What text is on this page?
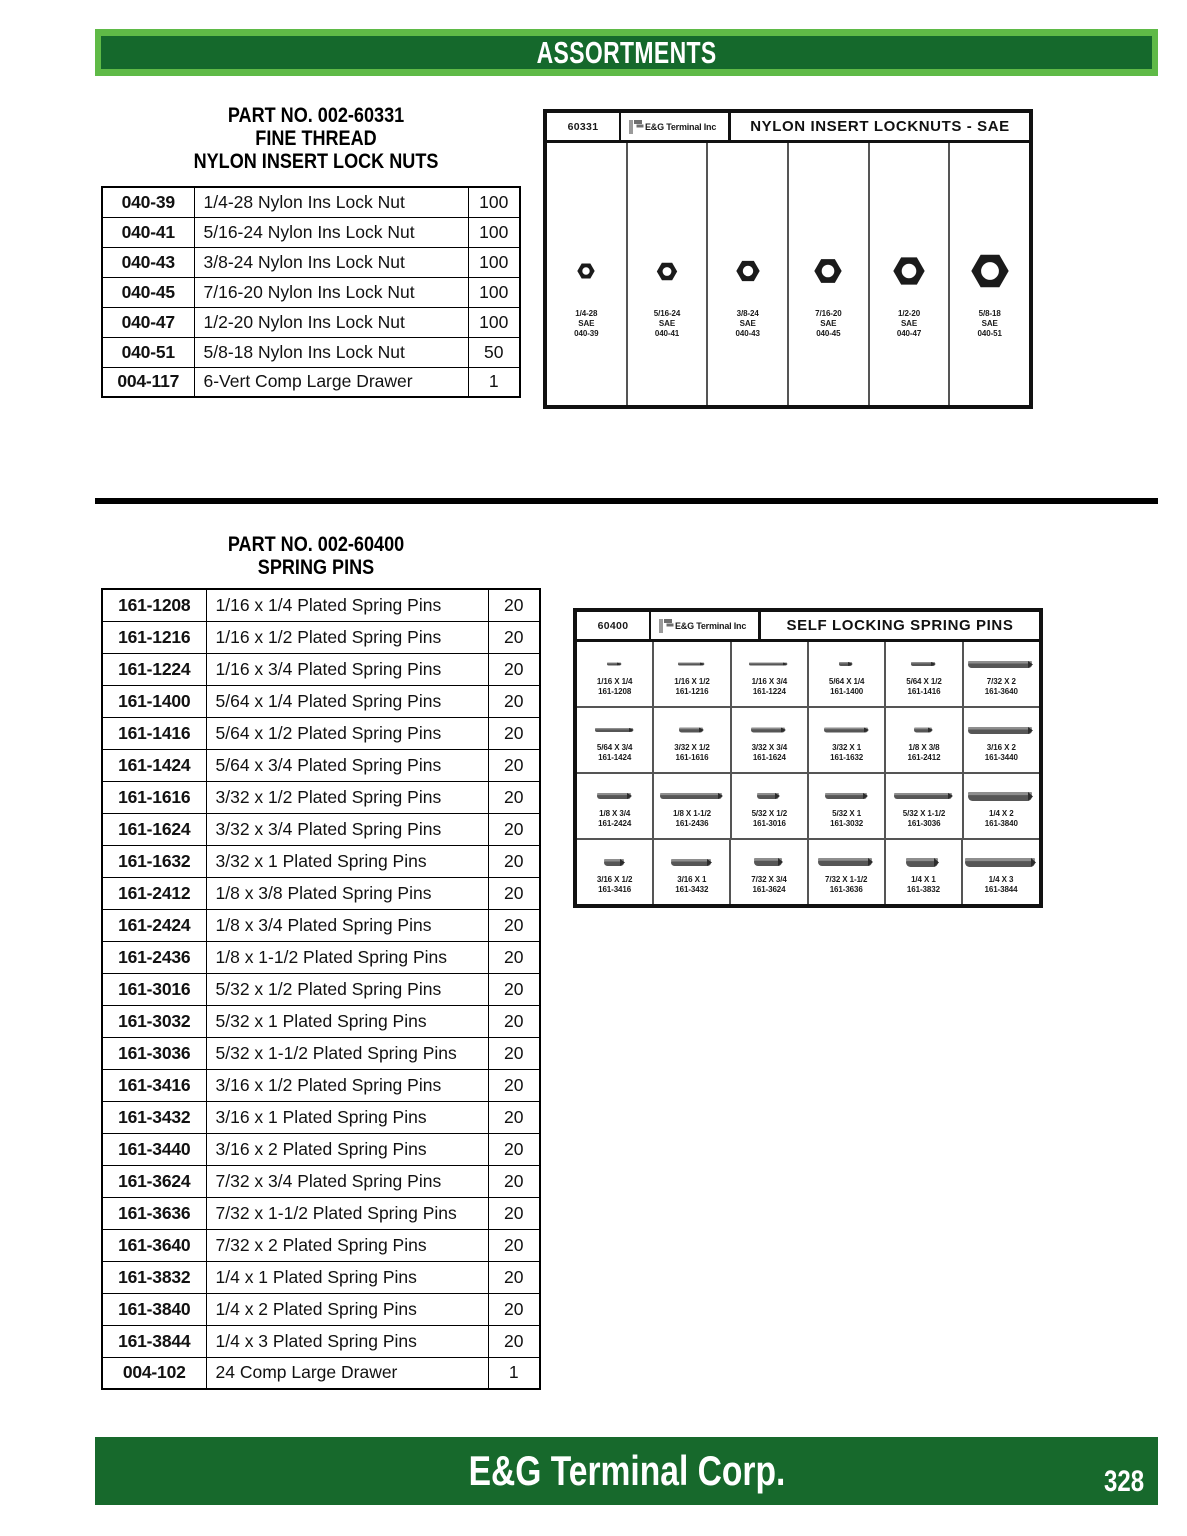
ASSORTMENTS
PART NO. 002-60331
FINE THREAD
NYLON INSERT LOCK NUTS
040-39	1/4-28 Nylon Ins Lock Nut	100
040-41	5/16-24 Nylon Ins Lock Nut	100
040-43	3/8-24 Nylon Ins Lock Nut	100
040-45	7/16-20 Nylon Ins Lock Nut	100
040-47	1/2-20 Nylon Ins Lock Nut	100
040-51	5/8-18 Nylon Ins Lock Nut	50
004-117	6-Vert Comp Large Drawer	1
60331	E&G Terminal Inc	NYLON INSERT LOCKNUTS - SAE
1/4-28
SAE
040-39
5/16-24
SAE
040-41
3/8-24
SAE
040-43
7/16-20
SAE
040-45
1/2-20
SAE
040-47
5/8-18
SAE
040-51
PART NO. 002-60400
SPRING PINS
161-1208	1/16 x 1/4 Plated Spring Pins	20
161-1216	1/16 x 1/2 Plated Spring Pins	20
161-1224	1/16 x 3/4 Plated Spring Pins	20
161-1400	5/64 x 1/4 Plated Spring Pins	20
161-1416	5/64 x 1/2 Plated Spring Pins	20
161-1424	5/64 x 3/4 Plated Spring Pins	20
161-1616	3/32 x 1/2 Plated Spring Pins	20
161-1624	3/32 x 3/4 Plated Spring Pins	20
161-1632	3/32 x 1 Plated Spring Pins	20
161-2412	1/8 x 3/8 Plated Spring Pins	20
161-2424	1/8 x 3/4 Plated Spring Pins	20
161-2436	1/8 x 1-1/2 Plated Spring Pins	20
161-3016	5/32 x 1/2 Plated Spring Pins	20
161-3032	5/32 x 1 Plated Spring Pins	20
161-3036	5/32 x 1-1/2 Plated Spring Pins	20
161-3416	3/16 x 1/2 Plated Spring Pins	20
161-3432	3/16 x 1 Plated Spring Pins	20
161-3440	3/16 x 2 Plated Spring Pins	20
161-3624	7/32 x 3/4 Plated Spring Pins	20
161-3636	7/32 x 1-1/2 Plated Spring Pins	20
161-3640	7/32 x 2 Plated Spring Pins	20
161-3832	1/4 x 1 Plated Spring Pins	20
161-3840	1/4 x 2 Plated Spring Pins	20
161-3844	1/4 x 3 Plated Spring Pins	20
004-102	24 Comp Large Drawer	1
60400	E&G Terminal Inc	SELF LOCKING SPRING PINS
1/16 X 1/4
161-1208
1/16 X 1/2
161-1216
1/16 X 3/4
161-1224
5/64 X 1/4
161-1400
5/64 X 1/2
161-1416
7/32 X 2
161-3640
5/64 X 3/4
161-1424
3/32 X 1/2
161-1616
3/32 X 3/4
161-1624
3/32 X 1
161-1632
1/8 X 3/8
161-2412
3/16 X 2
161-3440
1/8 X 3/4
161-2424
1/8 X 1-1/2
161-2436
5/32 X 1/2
161-3016
5/32 X 1
161-3032
5/32 X 1-1/2
161-3036
1/4 X 2
161-3840
3/16 X 1/2
161-3416
3/16 X 1
161-3432
7/32 X 3/4
161-3624
7/32 X 1-1/2
161-3636
1/4 X 1
161-3832
1/4 X 3
161-3844
E&G Terminal Corp.	328
